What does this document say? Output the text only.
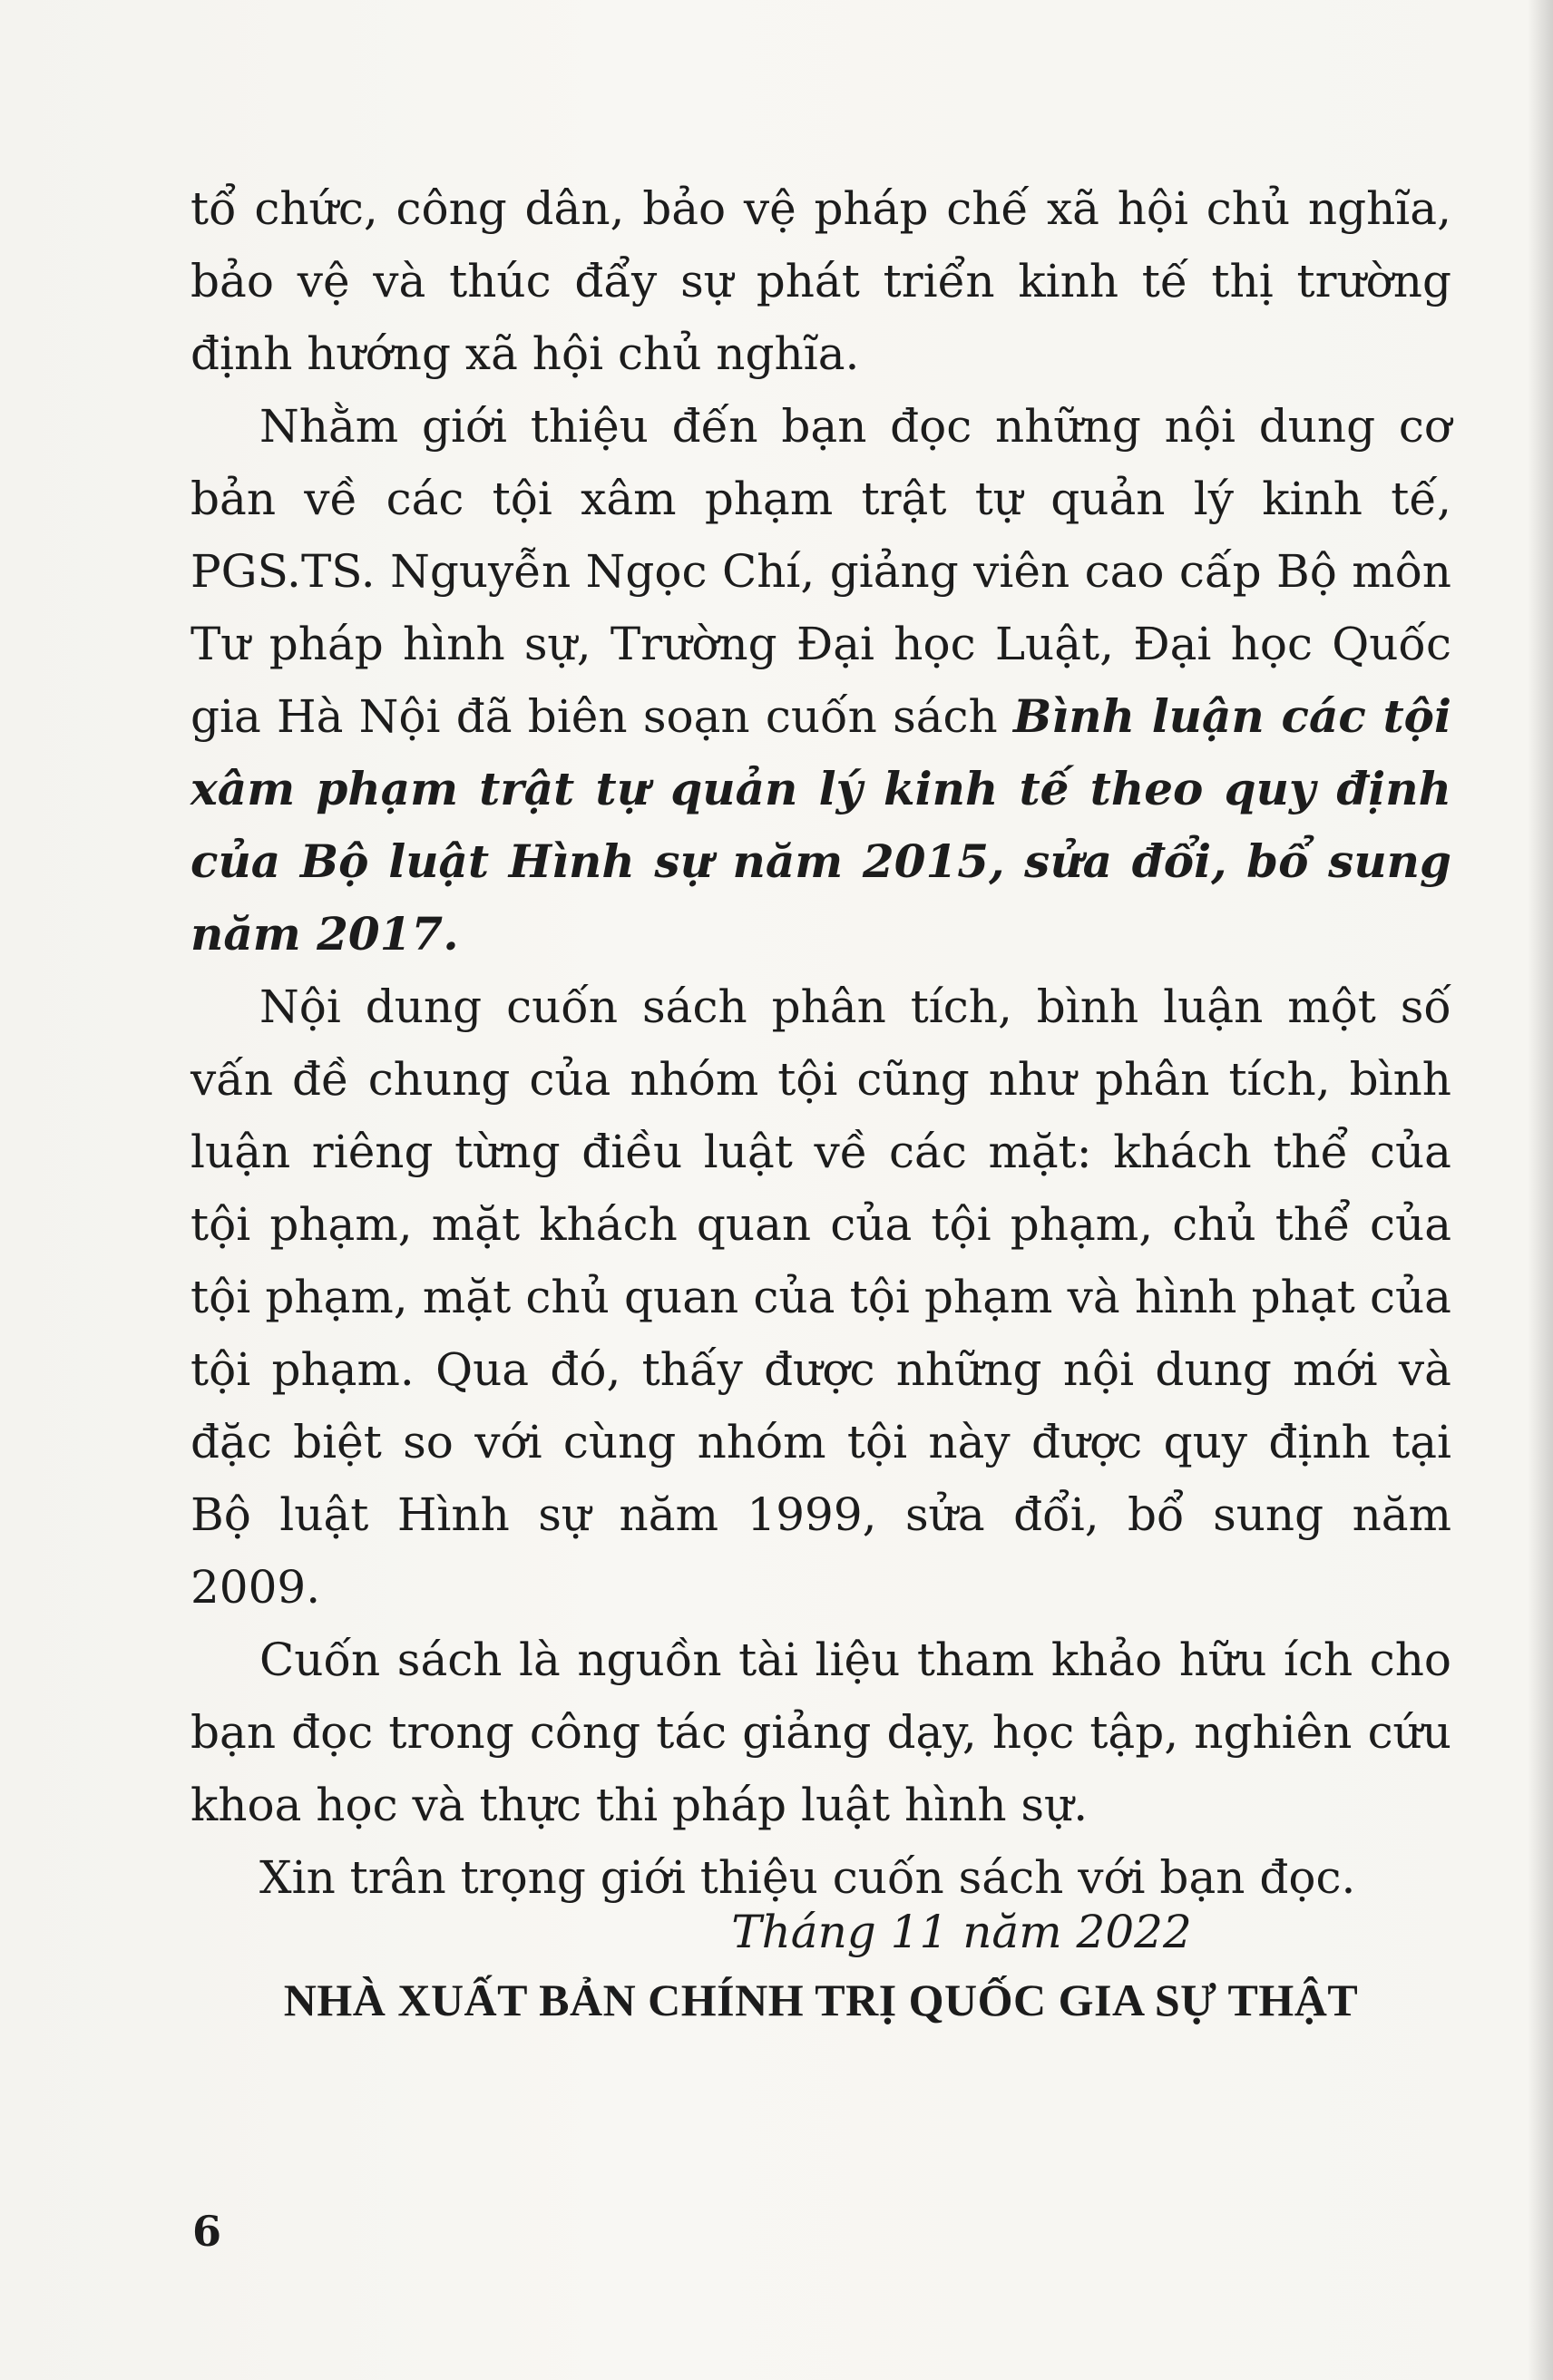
tổ chức, công dân, bảo vệ pháp chế xã hội chủ nghĩa, bảo vệ và thúc đẩy sự phát triển kinh tế thị trường định hướng xã hội chủ nghĩa.

Nhằm giới thiệu đến bạn đọc những nội dung cơ bản về các tội xâm phạm trật tự quản lý kinh tế, PGS.TS. Nguyễn Ngọc Chí, giảng viên cao cấp Bộ môn Tư pháp hình sự, Trường Đại học Luật, Đại học Quốc gia Hà Nội đã biên soạn cuốn sách Bình luận các tội xâm phạm trật tự quản lý kinh tế theo quy định của Bộ luật Hình sự năm 2015, sửa đổi, bổ sung năm 2017.

Nội dung cuốn sách phân tích, bình luận một số vấn đề chung của nhóm tội cũng như phân tích, bình luận riêng từng điều luật về các mặt: khách thể của tội phạm, mặt khách quan của tội phạm, chủ thể của tội phạm, mặt chủ quan của tội phạm và hình phạt của tội phạm. Qua đó, thấy được những nội dung mới và đặc biệt so với cùng nhóm tội này được quy định tại Bộ luật Hình sự năm 1999, sửa đổi, bổ sung năm 2009.

Cuốn sách là nguồn tài liệu tham khảo hữu ích cho bạn đọc trong công tác giảng dạy, học tập, nghiên cứu khoa học và thực thi pháp luật hình sự.

Xin trân trọng giới thiệu cuốn sách với bạn đọc.

Tháng 11 năm 2022
NHÀ XUẤT BẢN CHÍNH TRỊ QUỐC GIA SỰ THẬT
6
